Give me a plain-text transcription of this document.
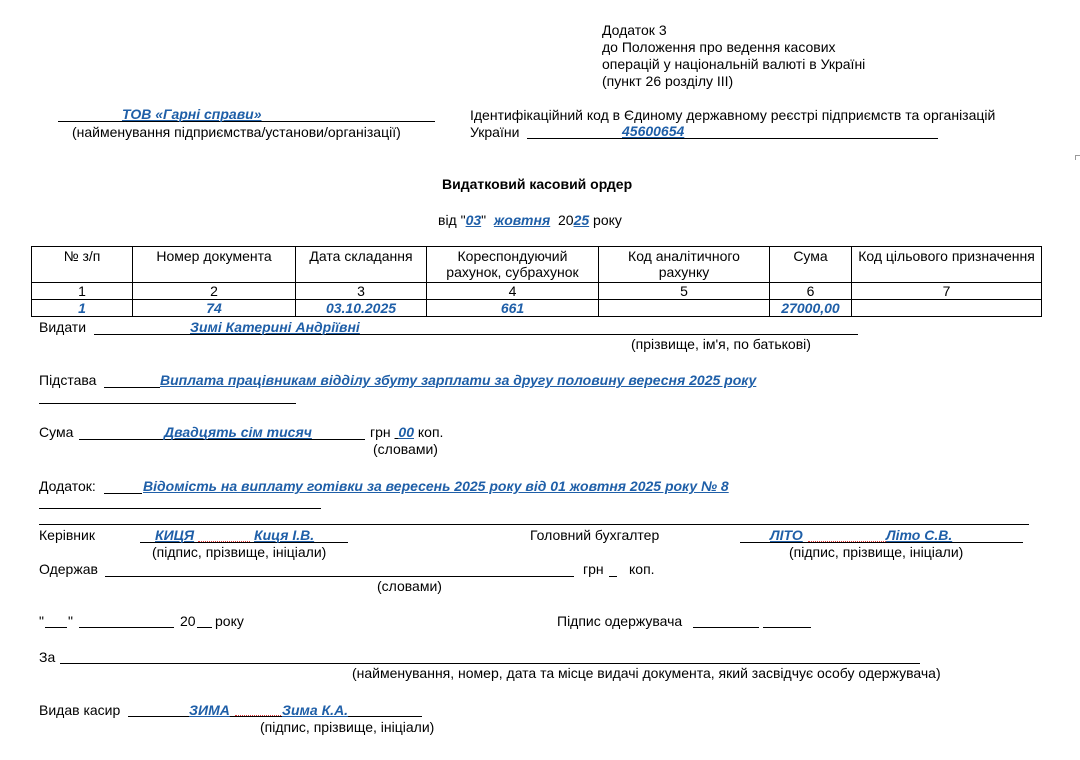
Додаток 3
до Положення про ведення касових
операцій у національній валюті в Україні
(пункт 26 розділу ІІІ)
ТОВ «Гарні справи»
(найменування підприємства/установи/організації)
Ідентифікаційний код в Єдиному державному реєстрі підприємств та організацій
України	45600654
Видатковий касовий ордер
від "03" жовтня 2025 року
№ з/п	Номер документа	Дата складання	Кореспондуючий рахунок, субрахунок	Код аналітичного рахунку	Сума	Код цільового призначення
1	2	3	4	5	6	7
1	74	03.10.2025	661		27000,00	
Видати	Зимі Катерині Андріївні
(прізвище, ім'я, по батькові)
Підстава	Виплата працівникам відділу збуту зарплати за другу половину вересня 2025 року
Сума	Двадцять сім тисяч	грн 00 коп.
(словами)
Додаток:	Відомість на виплату готівки за вересень 2025 року від 01 жовтня 2025 року № 8
Керівник	КИЦЯ	Киця І.В.
(підпис, прізвище, ініціали)
Головний бухгалтер	ЛІТО	Літо С.В.
(підпис, прізвище, ініціали)
Одержав	грн коп.
(словами)
" "	20 року	Підпис одержувача
За
(найменування, номер, дата та місце видачі документа, який засвідчує особу одержувача)
Видав касир	ЗИМА	Зима К.А.
(підпис, прізвище, ініціали)
